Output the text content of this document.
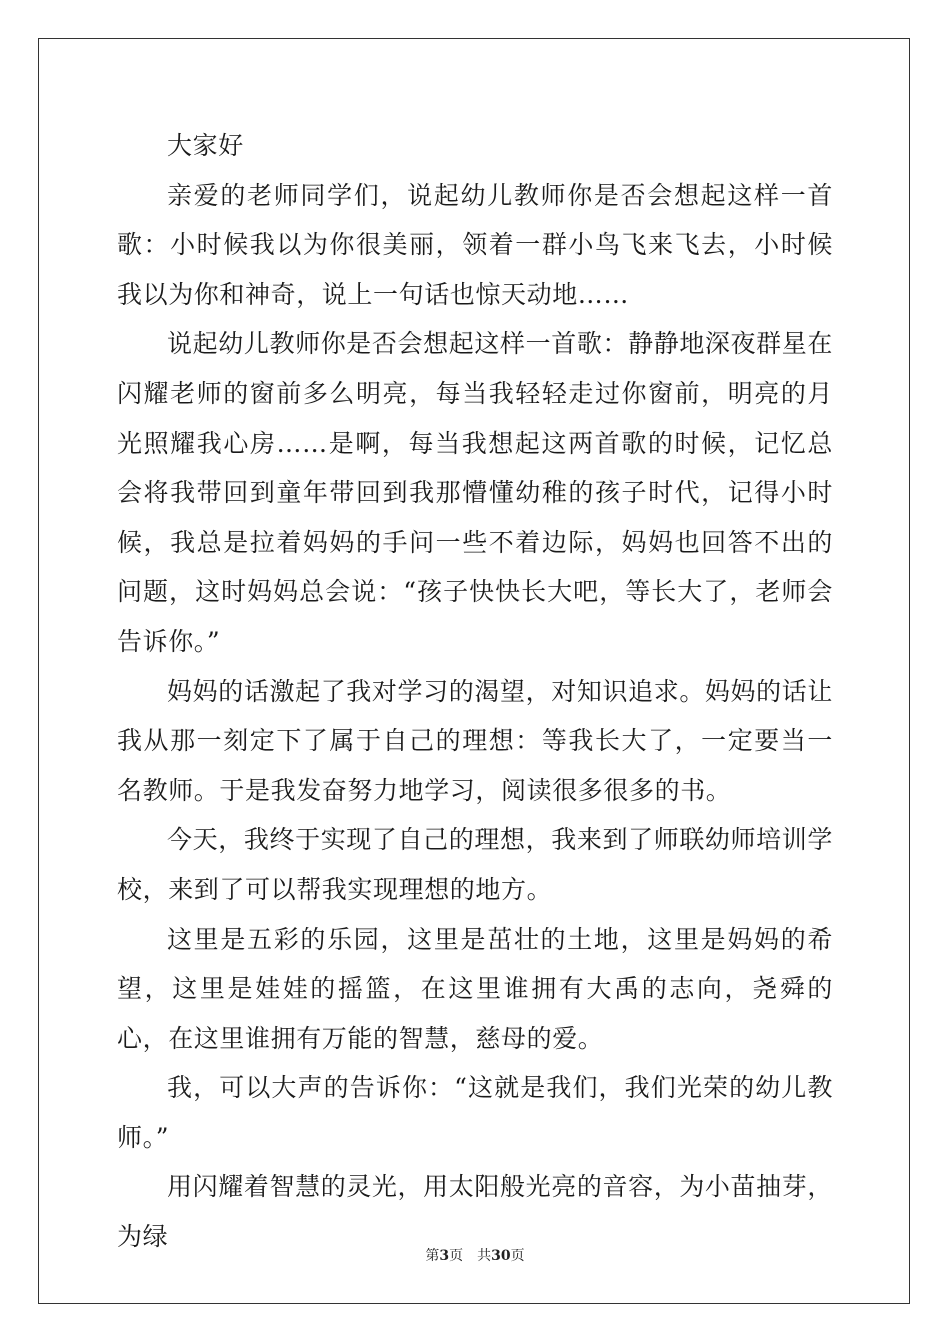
大家好

亲爱的老师同学们，说起幼儿教师你是否会想起这样一首歌：小时候我以为你很美丽，领着一群小鸟飞来飞去，小时候我以为你和神奇，说上一句话也惊天动地……

说起幼儿教师你是否会想起这样一首歌：静静地深夜群星在闪耀老师的窗前多么明亮，每当我轻轻走过你窗前，明亮的月光照耀我心房……是啊，每当我想起这两首歌的时候，记忆总会将我带回到童年带回到我那懵懂幼稚的孩子时代，记得小时候，我总是拉着妈妈的手问一些不着边际，妈妈也回答不出的问题，这时妈妈总会说：“孩子快快长大吧，等长大了，老师会告诉你。”

妈妈的话激起了我对学习的渴望，对知识追求。妈妈的话让我从那一刻定下了属于自己的理想：等我长大了，一定要当一名教师。于是我发奋努力地学习，阅读很多很多的书。

今天，我终于实现了自己的理想，我来到了师联幼师培训学校，来到了可以帮我实现理想的地方。

这里是五彩的乐园，这里是茁壮的土地，这里是妈妈的希望，这里是娃娃的摇篮，在这里谁拥有大禹的志向，尧舜的心，在这里谁拥有万能的智慧，慈母的爱。

我，可以大声的告诉你：“这就是我们，我们光荣的幼儿教师。”

用闪耀着智慧的灵光，用太阳般光亮的音容，为小苗抽芽，为绿

第3页 共30页
